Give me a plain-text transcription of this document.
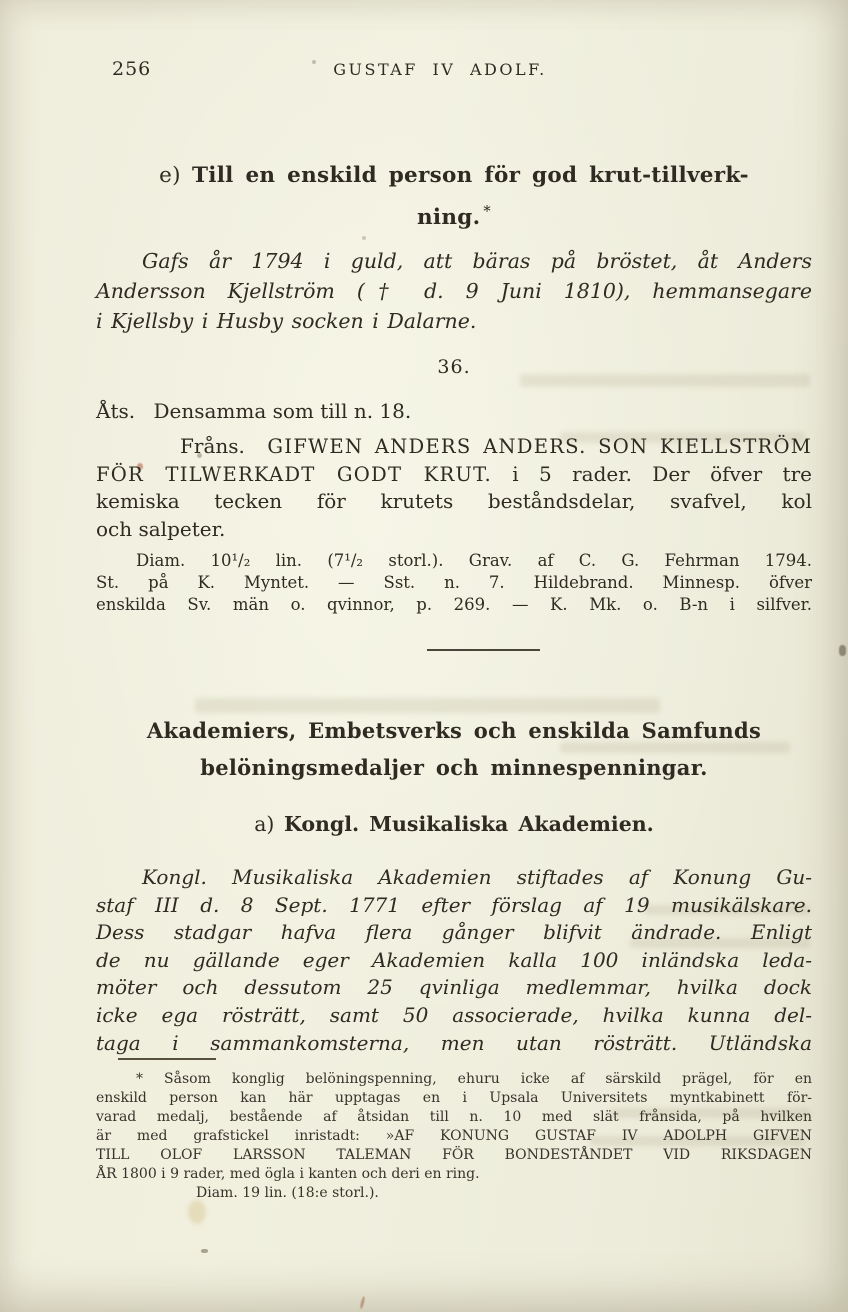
256	GUSTAF IV ADOLF.
e) Till en enskild person för god krut-tillverk-
ning. *
Gafs år 1794 i guld, att bäras på bröstet, åt Anders
Andersson Kjellström († d. 9 Juni 1810), hemmansegare
i Kjellsby i Husby socken i Dalarne.
36.
Åts. Densamma som till n. 18.
Fråns. GIFWEN ANDERS ANDERS. SON KIELLSTRÖM
FÖR TILWERKADT GODT KRUT. i 5 rader. Der öfver tre
kemiska tecken för krutets beståndsdelar, svafvel, kol
och salpeter.
Diam. 10¹/₂ lin. (7¹/₂ storl.). Grav. af C. G. Fehrman 1794.
St. på K. Myntet. — Sst. n. 7. Hildebrand. Minnesp. öfver
enskilda Sv. män o. qvinnor, p. 269. — K. Mk. o. B-n i silfver.
Akademiers, Embetsverks och enskilda Samfunds
belöningsmedaljer och minnespenningar.
a) Kongl. Musikaliska Akademien.
Kongl. Musikaliska Akademien stiftades af Konung Gu-
staf III d. 8 Sept. 1771 efter förslag af 19 musikälskare.
Dess stadgar hafva flera gånger blifvit ändrade. Enligt
de nu gällande eger Akademien kalla 100 inländska leda-
möter och dessutom 25 qvinliga medlemmar, hvilka dock
icke ega rösträtt, samt 50 associerade, hvilka kunna del-
taga i sammankomsterna, men utan rösträtt. Utländska
* Såsom konglig belöningspenning, ehuru icke af särskild prägel, för en
enskild person kan här upptagas en i Upsala Universitets myntkabinett för-
varad medalj, bestående af åtsidan till n. 10 med slät frånsida, på hvilken
är med grafstickel inristadt: »AF KONUNG GUSTAF IV ADOLPH GIFVEN
TILL OLOF LARSSON TALEMAN FÖR BONDESTÅNDET VID RIKSDAGEN
ÅR 1800 i 9 rader, med ögla i kanten och deri en ring.
Diam. 19 lin. (18:e storl.).
